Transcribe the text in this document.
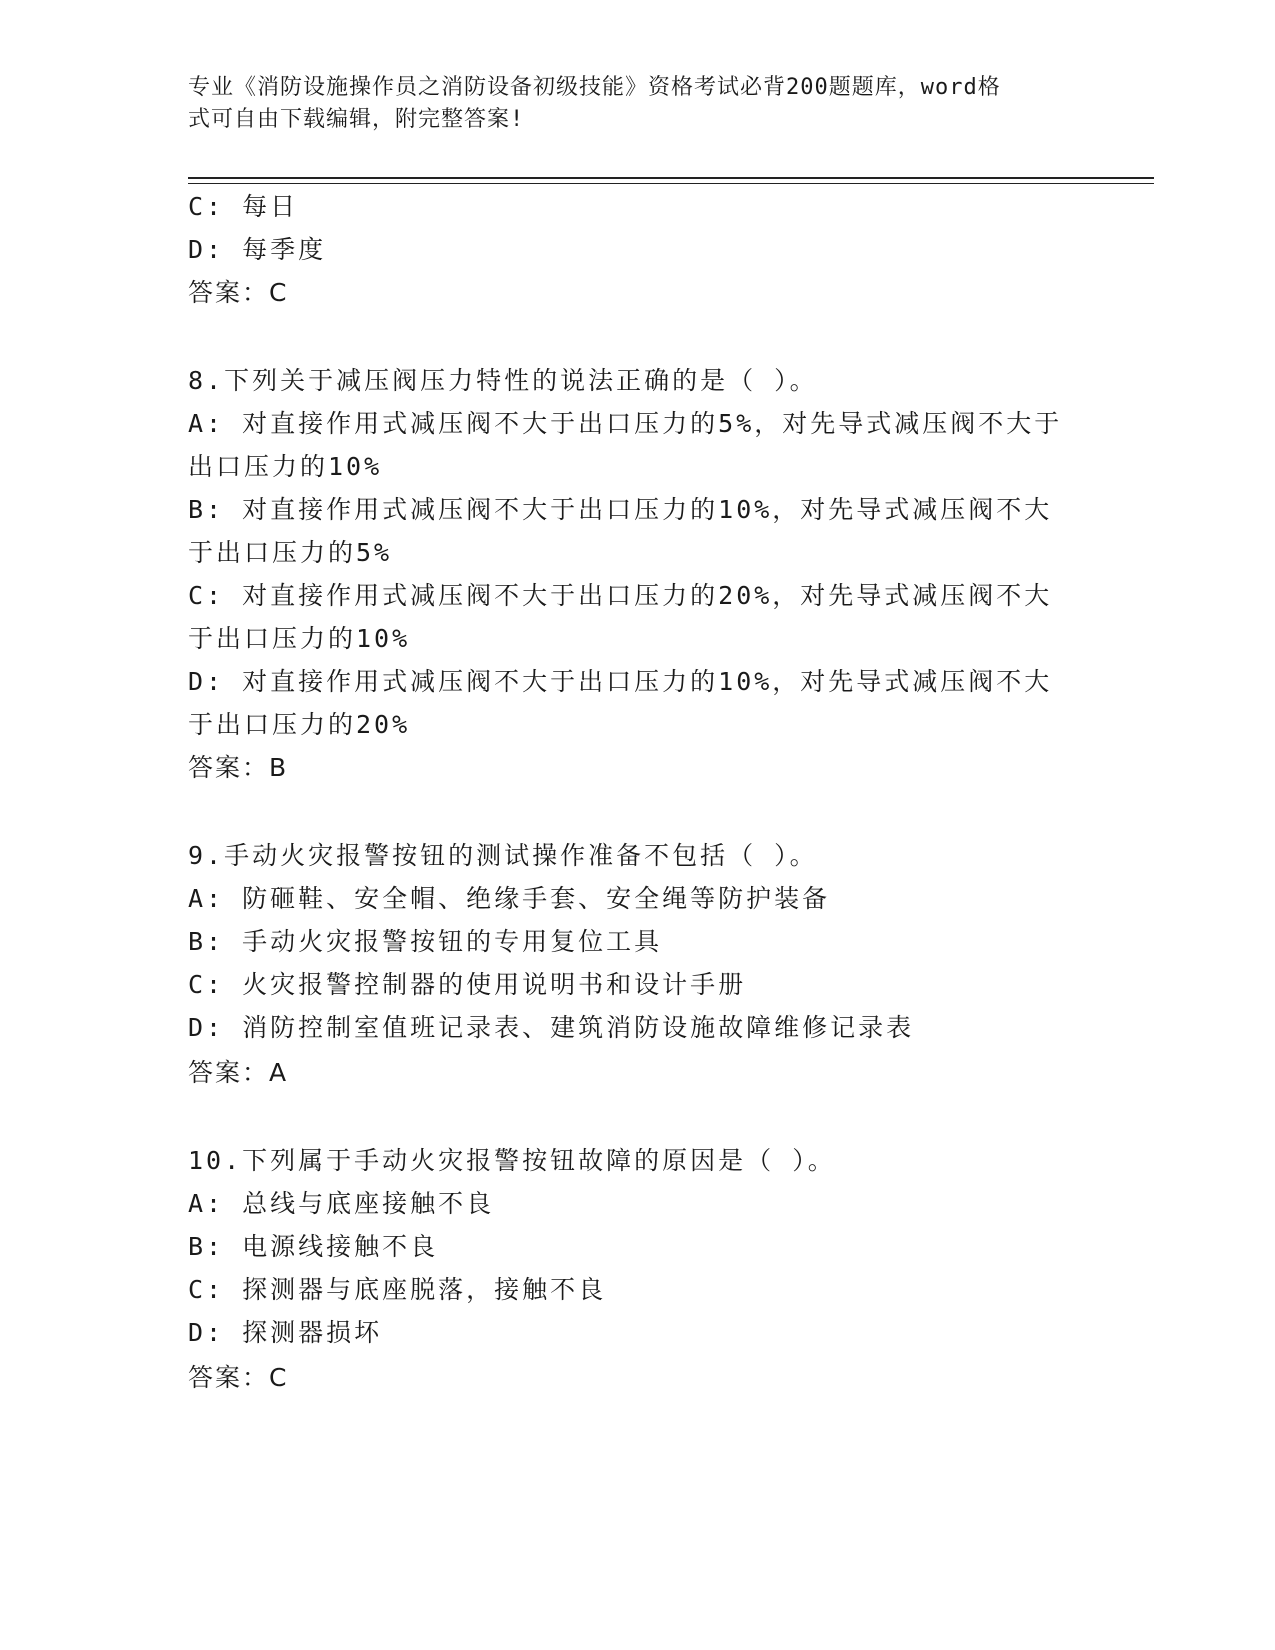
专业《消防设施操作员之消防设备初级技能》资格考试必背200题题库，word格
式可自由下载编辑，附完整答案!
C: 每日
D: 每季度
答案：C
8.下列关于减压阀压力特性的说法正确的是（ ）。
A: 对直接作用式减压阀不大于出口压力的5%，对先导式减压阀不大于
出口压力的10%
B: 对直接作用式减压阀不大于出口压力的10%，对先导式减压阀不大
于出口压力的5%
C: 对直接作用式减压阀不大于出口压力的20%，对先导式减压阀不大
于出口压力的10%
D: 对直接作用式减压阀不大于出口压力的10%，对先导式减压阀不大
于出口压力的20%
答案：B
9.手动火灾报警按钮的测试操作准备不包括（ ）。
A: 防砸鞋、安全帽、绝缘手套、安全绳等防护装备
B: 手动火灾报警按钮的专用复位工具
C: 火灾报警控制器的使用说明书和设计手册
D: 消防控制室值班记录表、建筑消防设施故障维修记录表
答案：A
10.下列属于手动火灾报警按钮故障的原因是（ ）。
A: 总线与底座接触不良
B: 电源线接触不良
C: 探测器与底座脱落，接触不良
D: 探测器损坏
答案：C
